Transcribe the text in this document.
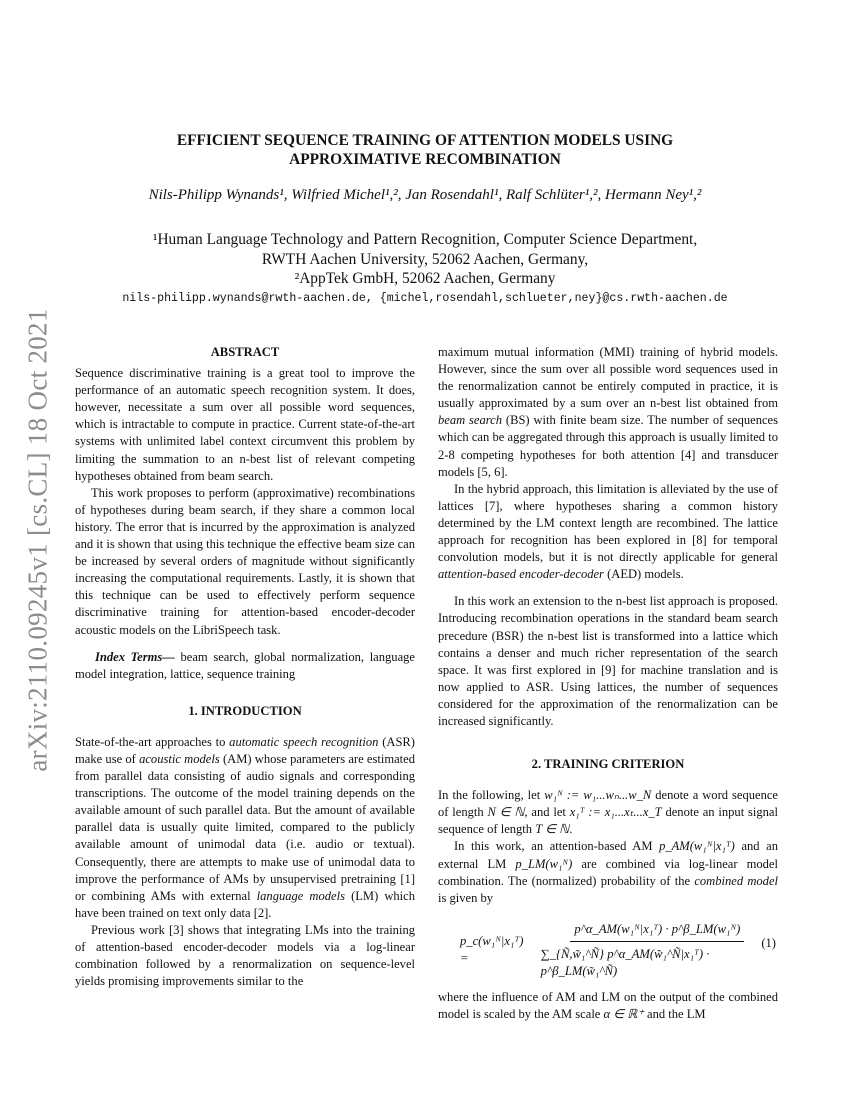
arXiv:2110.09245v1 [cs.CL] 18 Oct 2021
EFFICIENT SEQUENCE TRAINING OF ATTENTION MODELS USING
APPROXIMATIVE RECOMBINATION
Nils-Philipp Wynands¹, Wilfried Michel¹,², Jan Rosendahl¹, Ralf Schlüter¹,², Hermann Ney¹,²
¹Human Language Technology and Pattern Recognition, Computer Science Department,
RWTH Aachen University, 52062 Aachen, Germany,
²AppTek GmbH, 52062 Aachen, Germany
nils-philipp.wynands@rwth-aachen.de, {michel,rosendahl,schlueter,ney}@cs.rwth-aachen.de
ABSTRACT

Sequence discriminative training is a great tool to improve the performance of an automatic speech recognition system. It does, however, necessitate a sum over all possible word sequences, which is intractable to compute in practice. Current state-of-the-art systems with unlimited label context circumvent this problem by limiting the summation to an n-best list of relevant competing hypotheses obtained from beam search.

This work proposes to perform (approximative) recombinations of hypotheses during beam search, if they share a common local history. The error that is incurred by the approximation is analyzed and it is shown that using this technique the effective beam size can be increased by several orders of magnitude without significantly increasing the computational requirements. Lastly, it is shown that this technique can be used to effectively perform sequence discriminative training for attention-based encoder-decoder acoustic models on the LibriSpeech task.

Index Terms— beam search, global normalization, language model integration, lattice, sequence training

1. INTRODUCTION

State-of-the-art approaches to automatic speech recognition (ASR) make use of acoustic models (AM) whose parameters are estimated from parallel data consisting of audio signals and corresponding transcriptions. The outcome of the model training depends on the available amount of such parallel data. But the amount of available parallel data is usually quite limited, compared to the publicly available amount of unimodal data (i.e. audio or textual). Consequently, there are attempts to make use of unimodal data to improve the performance of AMs by unsupervised pretraining [1] or combining AMs with external language models (LM) which have been trained on text only data [2].

Previous work [3] shows that integrating LMs into the training of attention-based encoder-decoder models via a log-linear combination followed by a renormalization on sequence-level yields promising improvements similar to the

maximum mutual information (MMI) training of hybrid models. However, since the sum over all possible word sequences used in the renormalization cannot be entirely computed in practice, it is usually approximated by a sum over an n-best list obtained from beam search (BS) with finite beam size. The number of sequences which can be aggregated through this approach is usually limited to 2-8 competing hypotheses for both attention [4] and transducer models [5, 6].

In the hybrid approach, this limitation is alleviated by the use of lattices [7], where hypotheses sharing a common history determined by the LM context length are recombined. The lattice approach for recognition has been explored in [8] for temporal convolution models, but it is not directly applicable for general attention-based encoder-decoder (AED) models.

In this work an extension to the n-best list approach is proposed. Introducing recombination operations in the standard beam search precedure (BSR) the n-best list is transformed into a lattice which contains a denser and much richer representation of the search space. It was first explored in [9] for machine translation and is now applied to ASR. Using lattices, the number of sequences considered for the approximation of the renormalization can be increased significantly.

2. TRAINING CRITERION

In the following, let w₁ᴺ := w₁...wₙ...w_N denote a word sequence of length N ∈ ℕ, and let x₁ᵀ := x₁...xₜ...x_T denote an input signal sequence of length T ∈ ℕ.

In this work, an attention-based AM p_AM(w₁ᴺ|x₁ᵀ) and an external LM p_LM(w₁ᴺ) are combined via log-linear model combination. The (normalized) probability of the combined model is given by

p_c(w₁ᴺ|x₁ᵀ) =	$\frac{\text{p\textasciicircum{}α\_AM(w₁ᴺ|x₁ᵀ) · p\textasciicircum{}β\_LM(w₁ᴺ)}}{\text{∑\_\{Ñ,w̃₁\textasciicircum{}Ñ\} p\textasciicircum{}α\_AM(w̃₁\textasciicircum{}Ñ|x₁ᵀ) · p\textasciicircum{}β\_LM(w̃₁\textasciicircum{}Ñ)}}$
(1)

where the influence of AM and LM on the output of the combined model is scaled by the AM scale α ∈ ℝ⁺ and the LM
